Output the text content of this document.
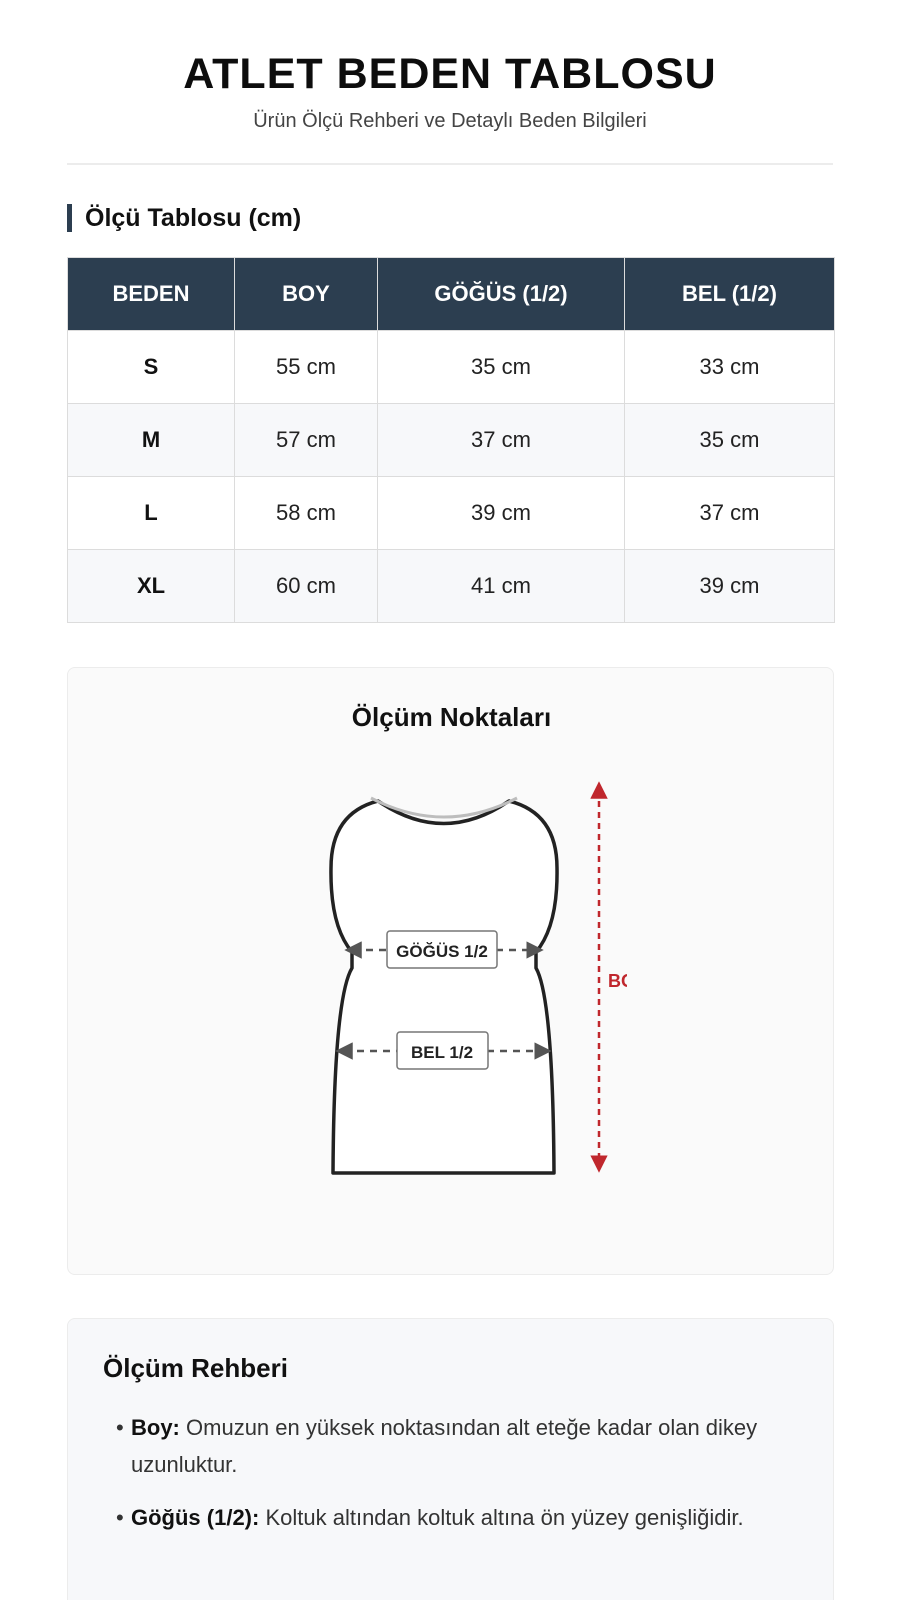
ATLET BEDEN TABLOSU
Ürün Ölçü Rehberi ve Detaylı Beden Bilgileri
Ölçü Tablosu (cm)
BEDEN	BOY	GÖĞÜS (1/2)	BEL (1/2)
S	55 cm	35 cm	33 cm
M	57 cm	37 cm	35 cm
L	58 cm	39 cm	37 cm
XL	60 cm	41 cm	39 cm
Ölçüm Noktaları
GÖĞÜS 1/2
BEL 1/2
BOY
Ölçüm Rehberi
• Boy: Omuzun en yüksek noktasından alt eteğe kadar olan dikey uzunluktur.
• Göğüs (1/2): Koltuk altından koltuk altına ön yüzey genişliğidir.
